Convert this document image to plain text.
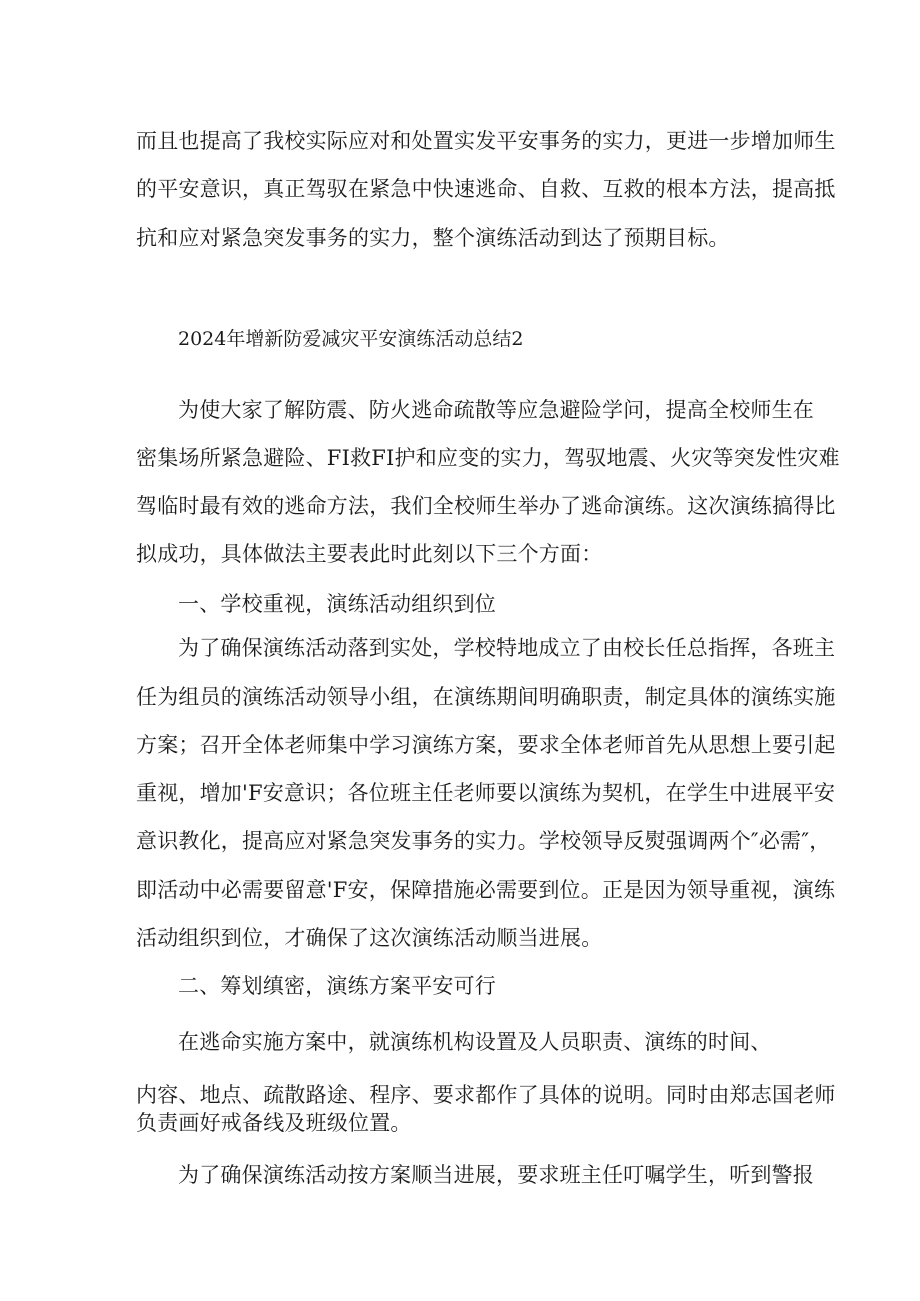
而且也提高了我校实际应对和处置实发平安事务的实力，更进一步增加师生
的平安意识，真正驾驭在紧急中快速逃命、自救、互救的根本方法，提高抵
抗和应对紧急突发事务的实力，整个演练活动到达了预期目标。
2024年增新防爱减灾平安演练活动总结2
为使大家了解防震、防火逃命疏散等应急避险学问，提高全校师生在
密集场所紧急避险、FI救FI护和应变的实力，驾驭地震、火灾等突发性灾难
驾临时最有效的逃命方法，我们全校师生举办了逃命演练。这次演练搞得比
拟成功，具体做法主要表此时此刻以下三个方面：
一、学校重视，演练活动组织到位
为了确保演练活动落到实处，学校特地成立了由校长任总指挥，各班主
任为组员的演练活动领导小组，在演练期间明确职责，制定具体的演练实施
方案；召开全体老师集中学习演练方案，要求全体老师首先从思想上要引起
重视，增加'F安意识；各位班主任老师要以演练为契机，在学生中进展平安
意识教化，提高应对紧急突发事务的实力。学校领导反熨强调两个″必需″，
即活动中必需要留意'F安，保障措施必需要到位。正是因为领导重视，演练
活动组织到位，才确保了这次演练活动顺当进展。
二、筹划缜密，演练方案平安可行
在逃命实施方案中，就演练机构设置及人员职责、演练的时间、
内容、地点、疏散路途、程序、要求都作了具体的说明。同时由郑志国老师
负责画好戒备线及班级位置。
为了确保演练活动按方案顺当进展，要求班主任叮嘱学生，听到警报
